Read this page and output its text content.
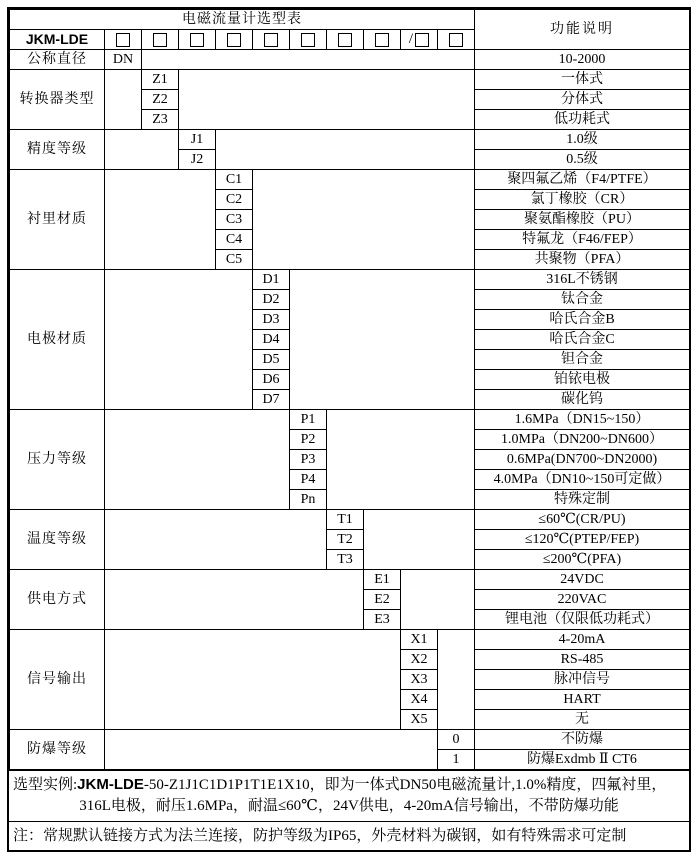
电磁流量计选型表											功能说明
JKM-LDE									/		
公称直径	DN										10-2000
转换器类型		Z1									一体式
		Z2									分体式
		Z3									低功耗式
精度等级			J1								1.0级
			J2								0.5级
衬里材质				C1							聚四氟乙烯（F4/PTFE）
				C2							氯丁橡胶（CR）
				C3							聚氨酯橡胶（PU）
				C4							特氟龙（F46/FEP）
				C5							共聚物（PFA）
电极材质					D1						316L不锈钢
					D2						钛合金
					D3						哈氏合金B
					D4						哈氏合金C
					D5						钽合金
					D6						铂铱电极
					D7						碳化钨
压力等级						P1					1.6MPa（DN15~150）
						P2					1.0MPa（DN200~DN600）
						P3					0.6MPa(DN700~DN2000)
						P4					4.0MPa（DN10~150可定做）
						Pn					特殊定制
温度等级							T1				≤60℃(CR/PU)
							T2				≤120℃(PTEP/FEP)
							T3				≤200℃(PFA)
供电方式								E1			24VDC
								E2			220VAC
								E3			锂电池（仅限低功耗式）
信号输出									X1		4-20mA
									X2		RS-485
									X3		脉冲信号
									X4		HART
									X5		无
防爆等级										0	不防爆
										1	防爆Exdmb Ⅱ CT6
选型实例:JKM-LDE-50-Z1J1C1D1P1T1E1X10，即为一体式DN50电磁流量计,1.0%精度，四氟衬里，
316L电极，耐压1.6MPa，耐温≤60℃，24V供电，4-20mA信号输出，不带防爆功能
注：常规默认链接方式为法兰连接，防护等级为IP65，外壳材料为碳钢，如有特殊需求可定制
